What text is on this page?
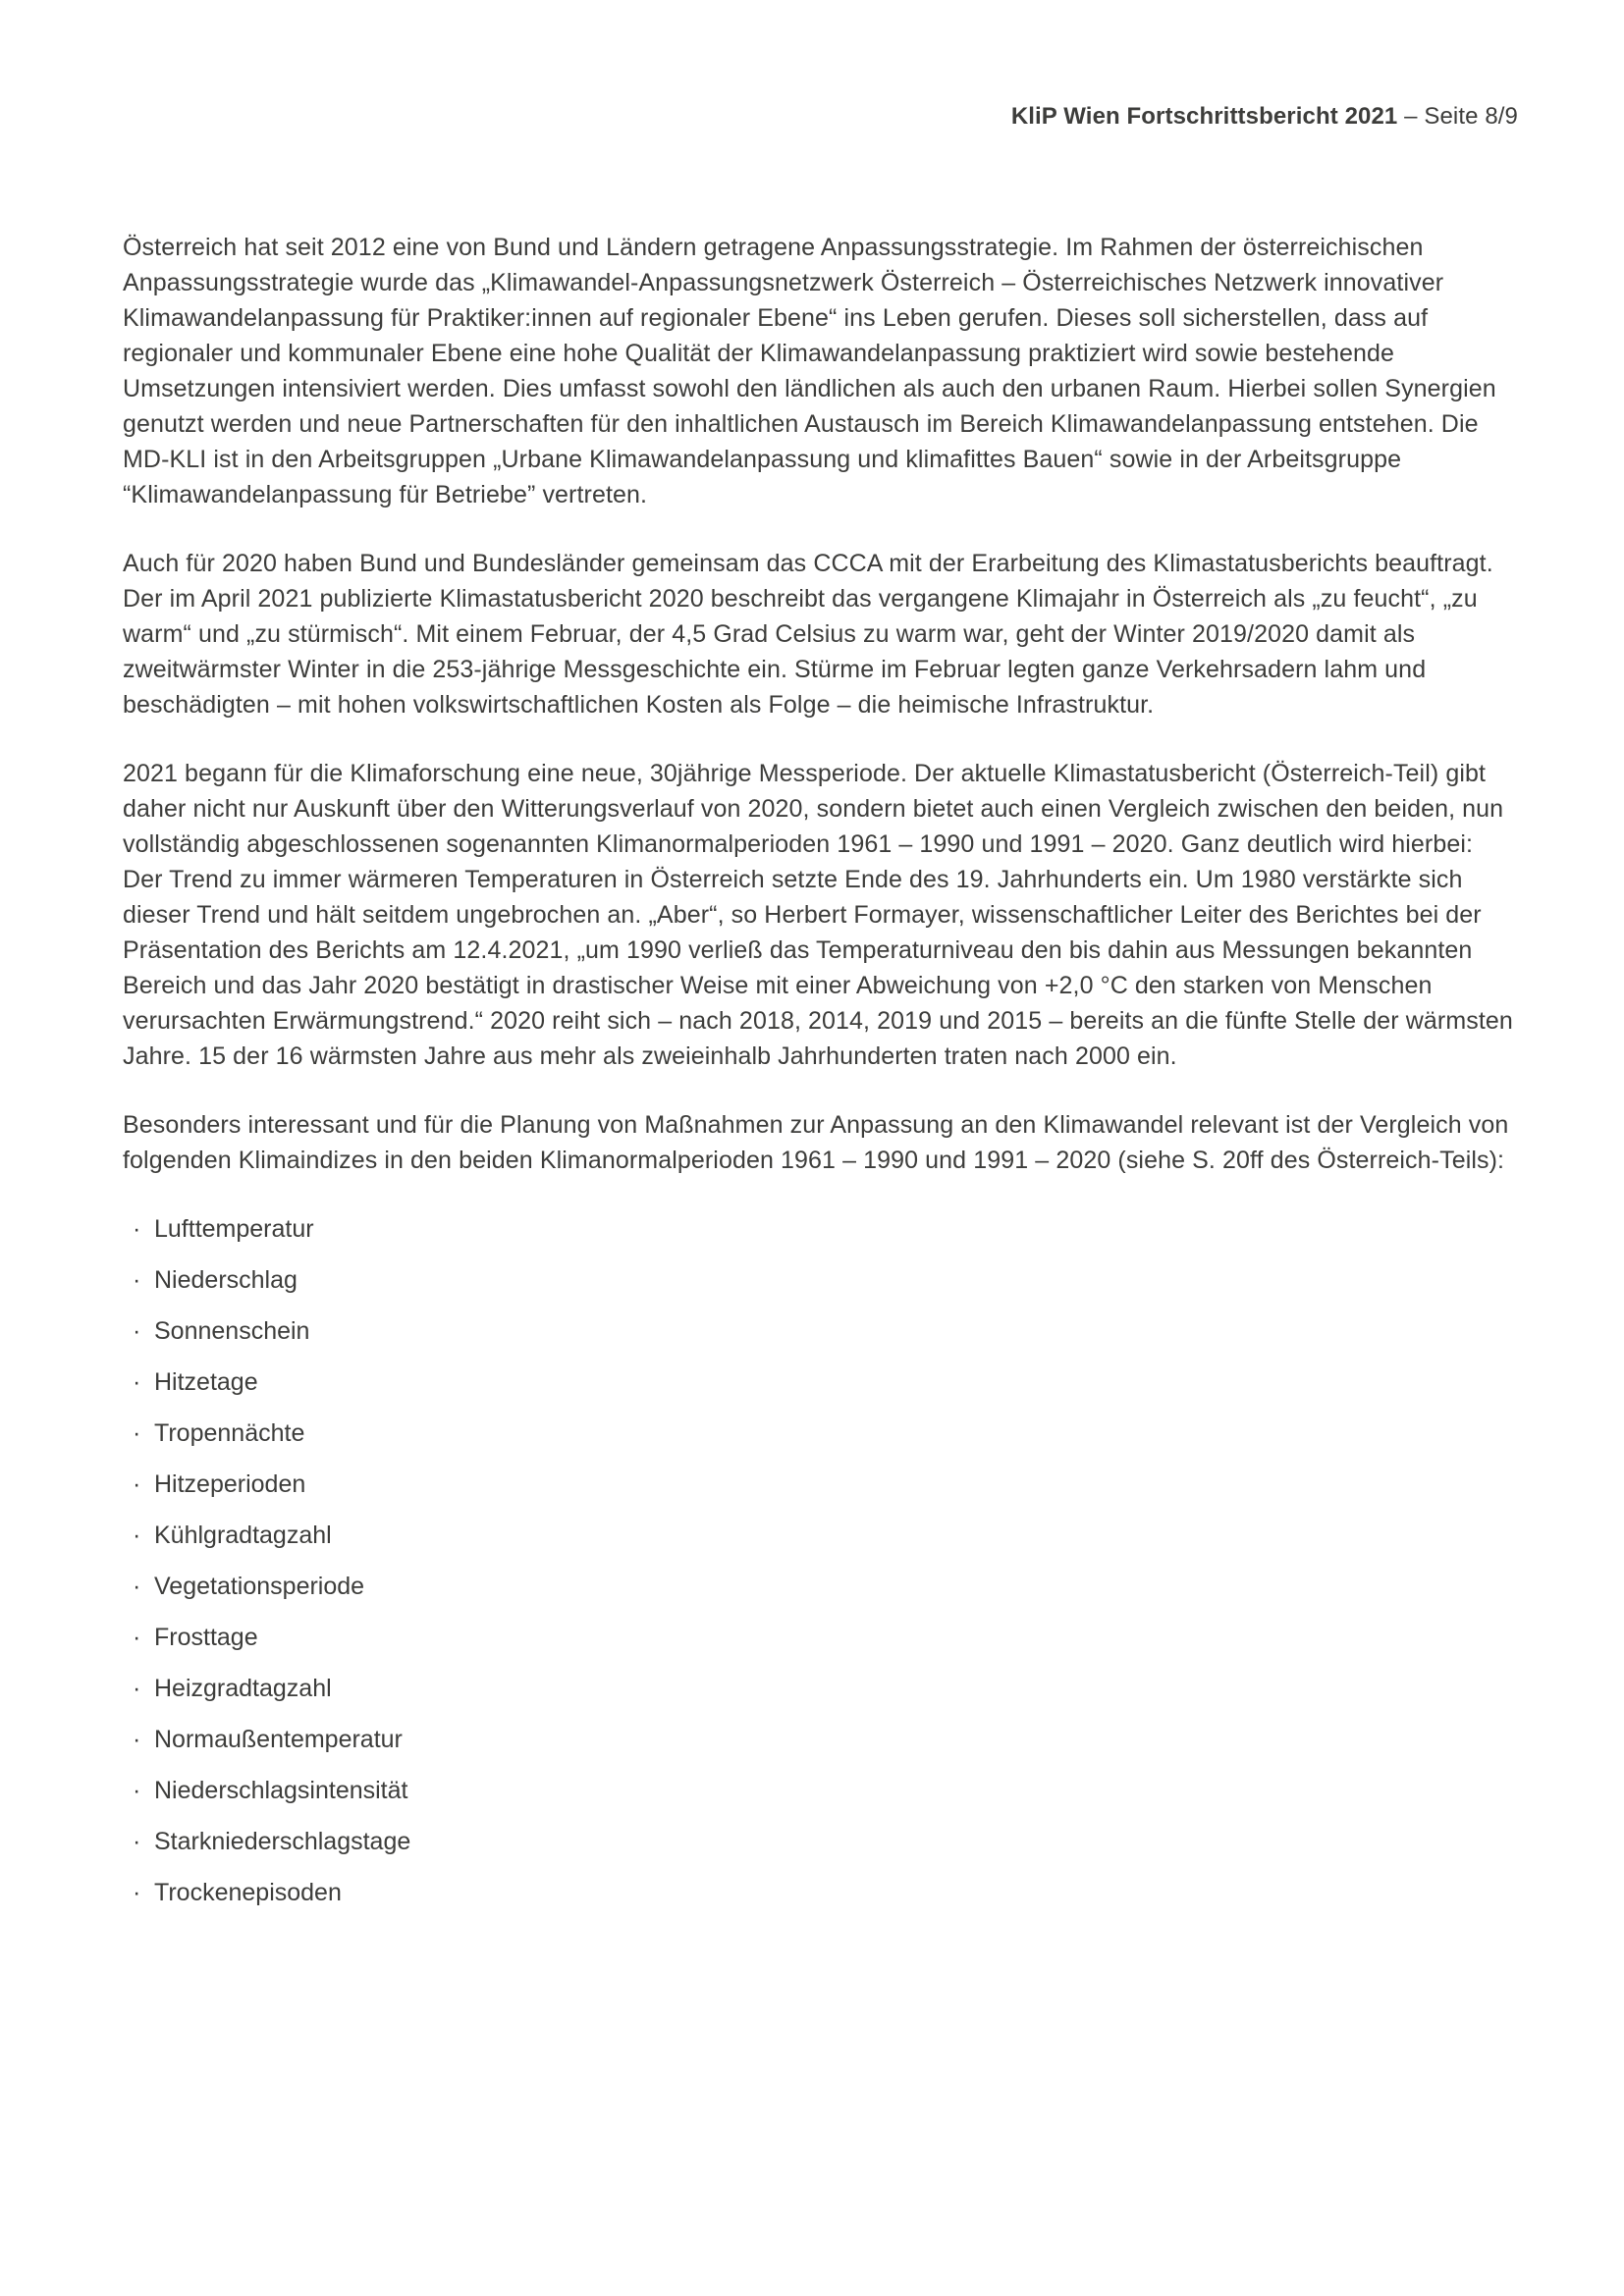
KliP Wien Fortschrittsbericht 2021 – Seite 8/9

Österreich hat seit 2012 eine von Bund und Ländern getragene Anpassungsstrategie. Im Rahmen der österreichischen Anpassungsstrategie wurde das „Klimawandel-Anpassungsnetzwerk Österreich – Österreichisches Netzwerk innovativer Klimawandelanpassung für Praktiker:innen auf regionaler Ebene“ ins Leben gerufen. Dieses soll sicherstellen, dass auf regionaler und kommunaler Ebene eine hohe Qualität der Klimawandelanpassung praktiziert wird sowie bestehende Umsetzungen intensiviert werden. Dies umfasst sowohl den ländlichen als auch den urbanen Raum. Hierbei sollen Synergien genutzt werden und neue Partnerschaften für den inhaltlichen Austausch im Bereich Klimawandelanpassung entstehen. Die MD-KLI ist in den Arbeitsgruppen „Urbane Klimawandelanpassung und klimafittes Bauen“ sowie in der Arbeitsgruppe “Klimawandelanpassung für Betriebe” vertreten.

Auch für 2020 haben Bund und Bundesländer gemeinsam das CCCA mit der Erarbeitung des Klimastatusberichts beauftragt. Der im April 2021 publizierte Klimastatusbericht 2020 beschreibt das vergangene Klimajahr in Österreich als „zu feucht“, „zu warm“ und „zu stürmisch“. Mit einem Februar, der 4,5 Grad Celsius zu warm war, geht der Winter 2019/2020 damit als zweitwärmster Winter in die 253-jährige Messgeschichte ein. Stürme im Februar legten ganze Verkehrsadern lahm und beschädigten – mit hohen volkswirtschaftlichen Kosten als Folge – die heimische Infrastruktur.

2021 begann für die Klimaforschung eine neue, 30jährige Messperiode. Der aktuelle Klimastatusbericht (Österreich-Teil) gibt daher nicht nur Auskunft über den Witterungsverlauf von 2020, sondern bietet auch einen Vergleich zwischen den beiden, nun vollständig abgeschlossenen sogenannten Klimanormalperioden 1961 – 1990 und 1991 – 2020. Ganz deutlich wird hierbei: Der Trend zu immer wärmeren Temperaturen in Österreich setzte Ende des 19. Jahrhunderts ein. Um 1980 verstärkte sich dieser Trend und hält seitdem ungebrochen an. „Aber“, so Herbert Formayer, wissenschaftlicher Leiter des Berichtes bei der Präsentation des Berichts am 12.4.2021, „um 1990 verließ das Temperaturniveau den bis dahin aus Messungen bekannten Bereich und das Jahr 2020 bestätigt in drastischer Weise mit einer Abweichung von +2,0 °C den starken von Menschen verursachten Erwärmungstrend.“ 2020 reiht sich – nach 2018, 2014, 2019 und 2015 – bereits an die fünfte Stelle der wärmsten Jahre. 15 der 16 wärmsten Jahre aus mehr als zweieinhalb Jahrhunderten traten nach 2000 ein.

Besonders interessant und für die Planung von Maßnahmen zur Anpassung an den Klimawandel relevant ist der Vergleich von folgenden Klimaindizes in den beiden Klimanormalperioden 1961 – 1990 und 1991 – 2020 (siehe S. 20ff des Österreich-Teils):

· Lufttemperatur
· Niederschlag
· Sonnenschein
· Hitzetage
· Tropennächte
· Hitzeperioden
· Kühlgradtagzahl
· Vegetationsperiode
· Frosttage
· Heizgradtagzahl
· Normaußentemperatur
· Niederschlagsintensität
· Starkniederschlagstage
· Trockenepisoden
